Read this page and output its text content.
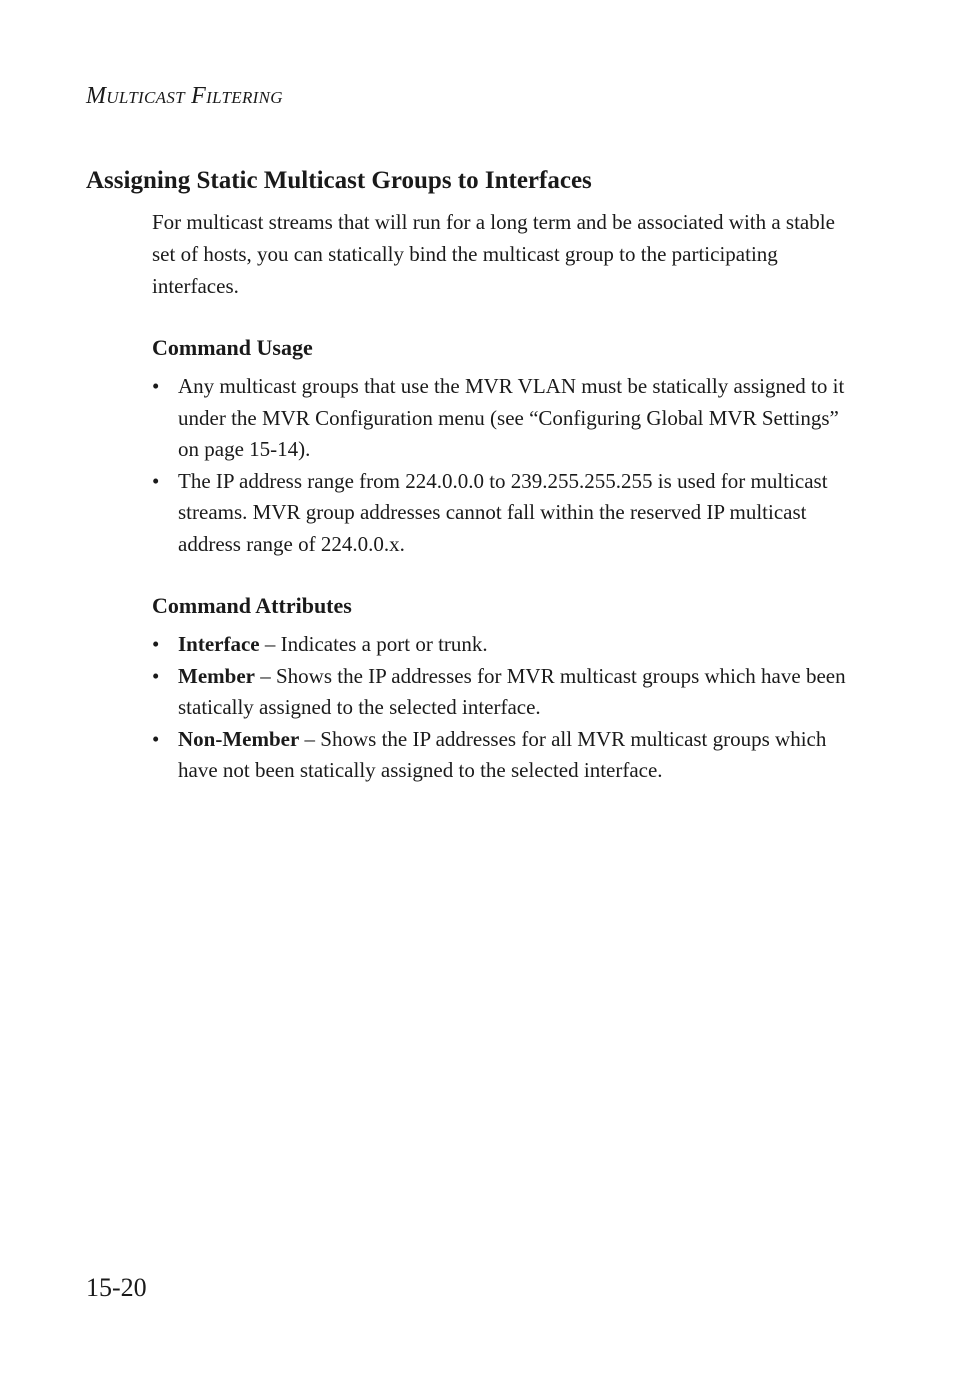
Multicast Filtering
Assigning Static Multicast Groups to Interfaces

For multicast streams that will run for a long term and be associated with a stable set of hosts, you can statically bind the multicast group to the participating interfaces.

Command Usage
• Any multicast groups that use the MVR VLAN must be statically assigned to it under the MVR Configuration menu (see “Configuring Global MVR Settings” on page 15-14).
• The IP address range from 224.0.0.0 to 239.255.255.255 is used for multicast streams. MVR group addresses cannot fall within the reserved IP multicast address range of 224.0.0.x.
Command Attributes
• Interface – Indicates a port or trunk.
• Member – Shows the IP addresses for MVR multicast groups which have been statically assigned to the selected interface.
• Non-Member – Shows the IP addresses for all MVR multicast groups which have not been statically assigned to the selected interface.
15-20
